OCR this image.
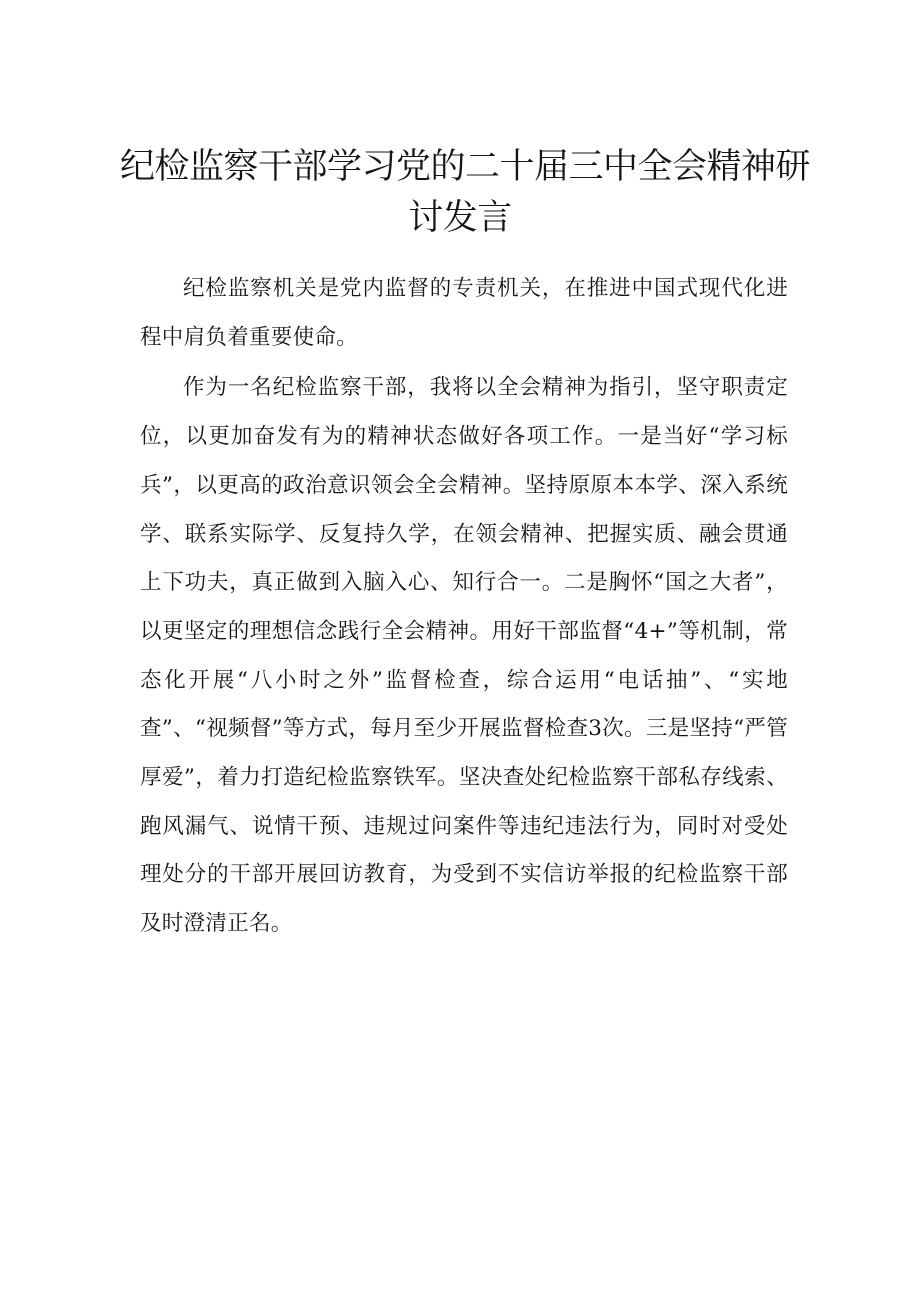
纪检监察干部学习党的二十届三中全会精神研
讨发言

纪检监察机关是党内监督的专责机关，在推进中国式现代化进程中肩负着重要使命。

作为一名纪检监察干部，我将以全会精神为指引，坚守职责定位，以更加奋发有为的精神状态做好各项工作。一是当好“学习标兵”，以更高的政治意识领会全会精神。坚持原原本本学、深入系统学、联系实际学、反复持久学，在领会精神、把握实质、融会贯通上下功夫，真正做到入脑入心、知行合一。二是胸怀“国之大者”，以更坚定的理想信念践行全会精神。用好干部监督“4+”等机制，常态化开展“八小时之外”监督检查，综合运用“电话抽”、“实地查”、“视频督”等方式，每月至少开展监督检查3次。三是坚持“严管厚爱”，着力打造纪检监察铁军。坚决查处纪检监察干部私存线索、跑风漏气、说情干预、违规过问案件等违纪违法行为，同时对受处理处分的干部开展回访教育，为受到不实信访举报的纪检监察干部及时澄清正名。
